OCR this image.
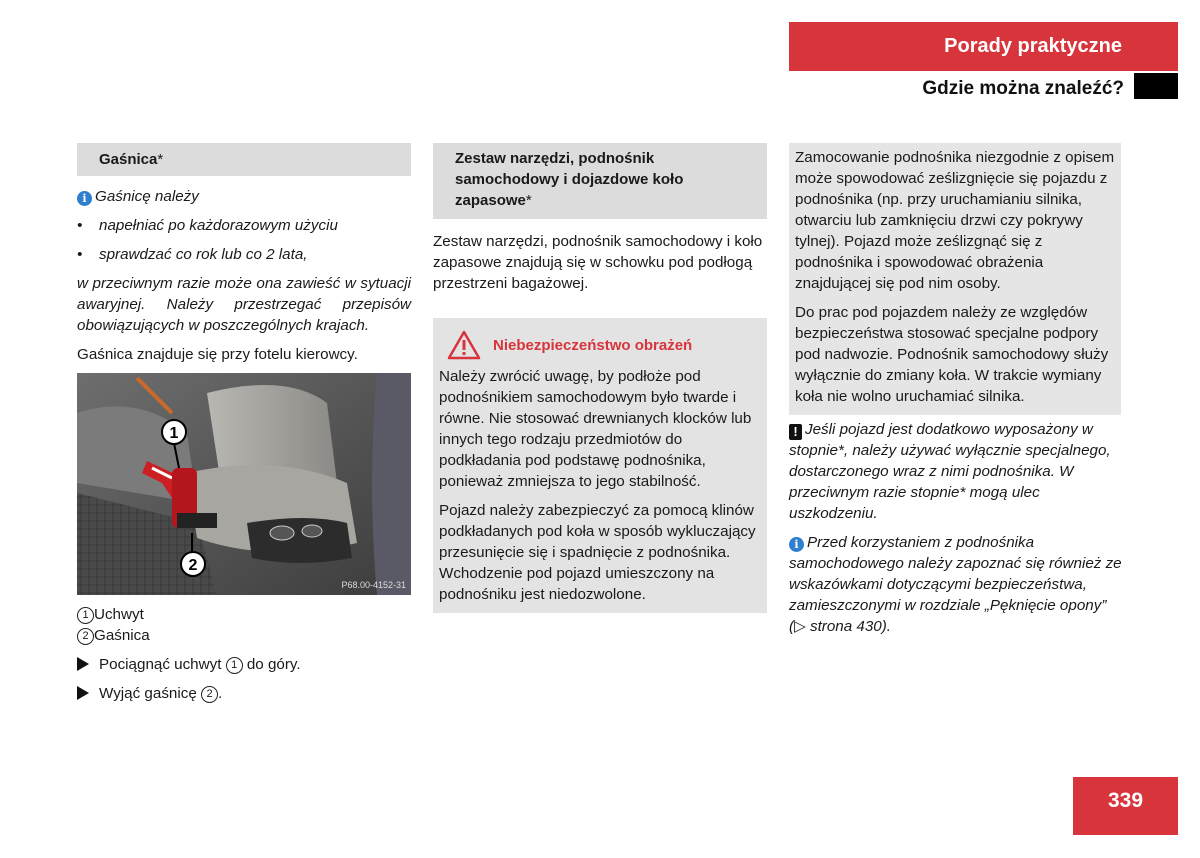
Porady praktyczne
Gdzie można znaleźć?
Gaśnica*

i Gaśnicę należy

•	napełniać po każdorazowym użyciu
•	sprawdzać co rok lub co 2 lata,

w przeciwnym razie może ona zawieść w sytuacji awaryjnej. Należy przestrzegać przepisów obowiązujących w poszczególnych krajach.

Gaśnica znajduje się przy fotelu kierowcy.

1
2
P68.00-4152-31

1 Uchwyt

2 Gaśnica

Pociągnąć uchwyt 1 do góry.
Wyjąć gaśnicę 2 .
Zestaw narzędzi, podnośnik samochodowy i dojazdowe koło zapasowe*

Zestaw narzędzi, podnośnik samochodowy i koło zapasowe znajdują się w schowku pod podłogą przestrzeni bagażowej.

Niebezpieczeństwo obrażeń

Należy zwrócić uwagę, by podłoże pod podnośnikiem samochodowym było twarde i równe. Nie stosować drewnianych klocków lub innych tego rodzaju przedmiotów do podkładania pod podstawę podnośnika, ponieważ zmniejsza to jego stabilność.

Pojazd należy zabezpieczyć za pomocą klinów podkładanych pod koła w sposób wykluczający przesunięcie się i spadnięcie z podnośnika. Wchodzenie pod pojazd umieszczony na podnośniku jest niedozwolone.

Zamocowanie podnośnika niezgodnie z opisem może spowodować ześlizgnięcie się pojazdu z podnośnika (np. przy uruchamianiu silnika, otwarciu lub zamknięciu drzwi czy pokrywy tylnej). Pojazd może ześlizgnąć się z podnośnika i spowodować obrażenia znajdującej się pod nim osoby.

Do prac pod pojazdem należy ze względów bezpieczeństwa stosować specjalne podpory pod nadwozie. Podnośnik samochodowy służy wyłącznie do zmiany koła. W trakcie wymiany koła nie wolno uruchamiać silnika.

! Jeśli pojazd jest dodatkowo wyposażony w stopnie*, należy używać wyłącznie specjalnego, dostarczonego wraz z nimi podnośnika. W przeciwnym razie stopnie* mogą ulec uszkodzeniu.

i Przed korzystaniem z podnośnika samochodowego należy zapoznać się również ze wskazówkami dotyczącymi bezpieczeństwa, zamieszczonymi w rozdziale „Pęknięcie opony” (▷ strona 430).

339
